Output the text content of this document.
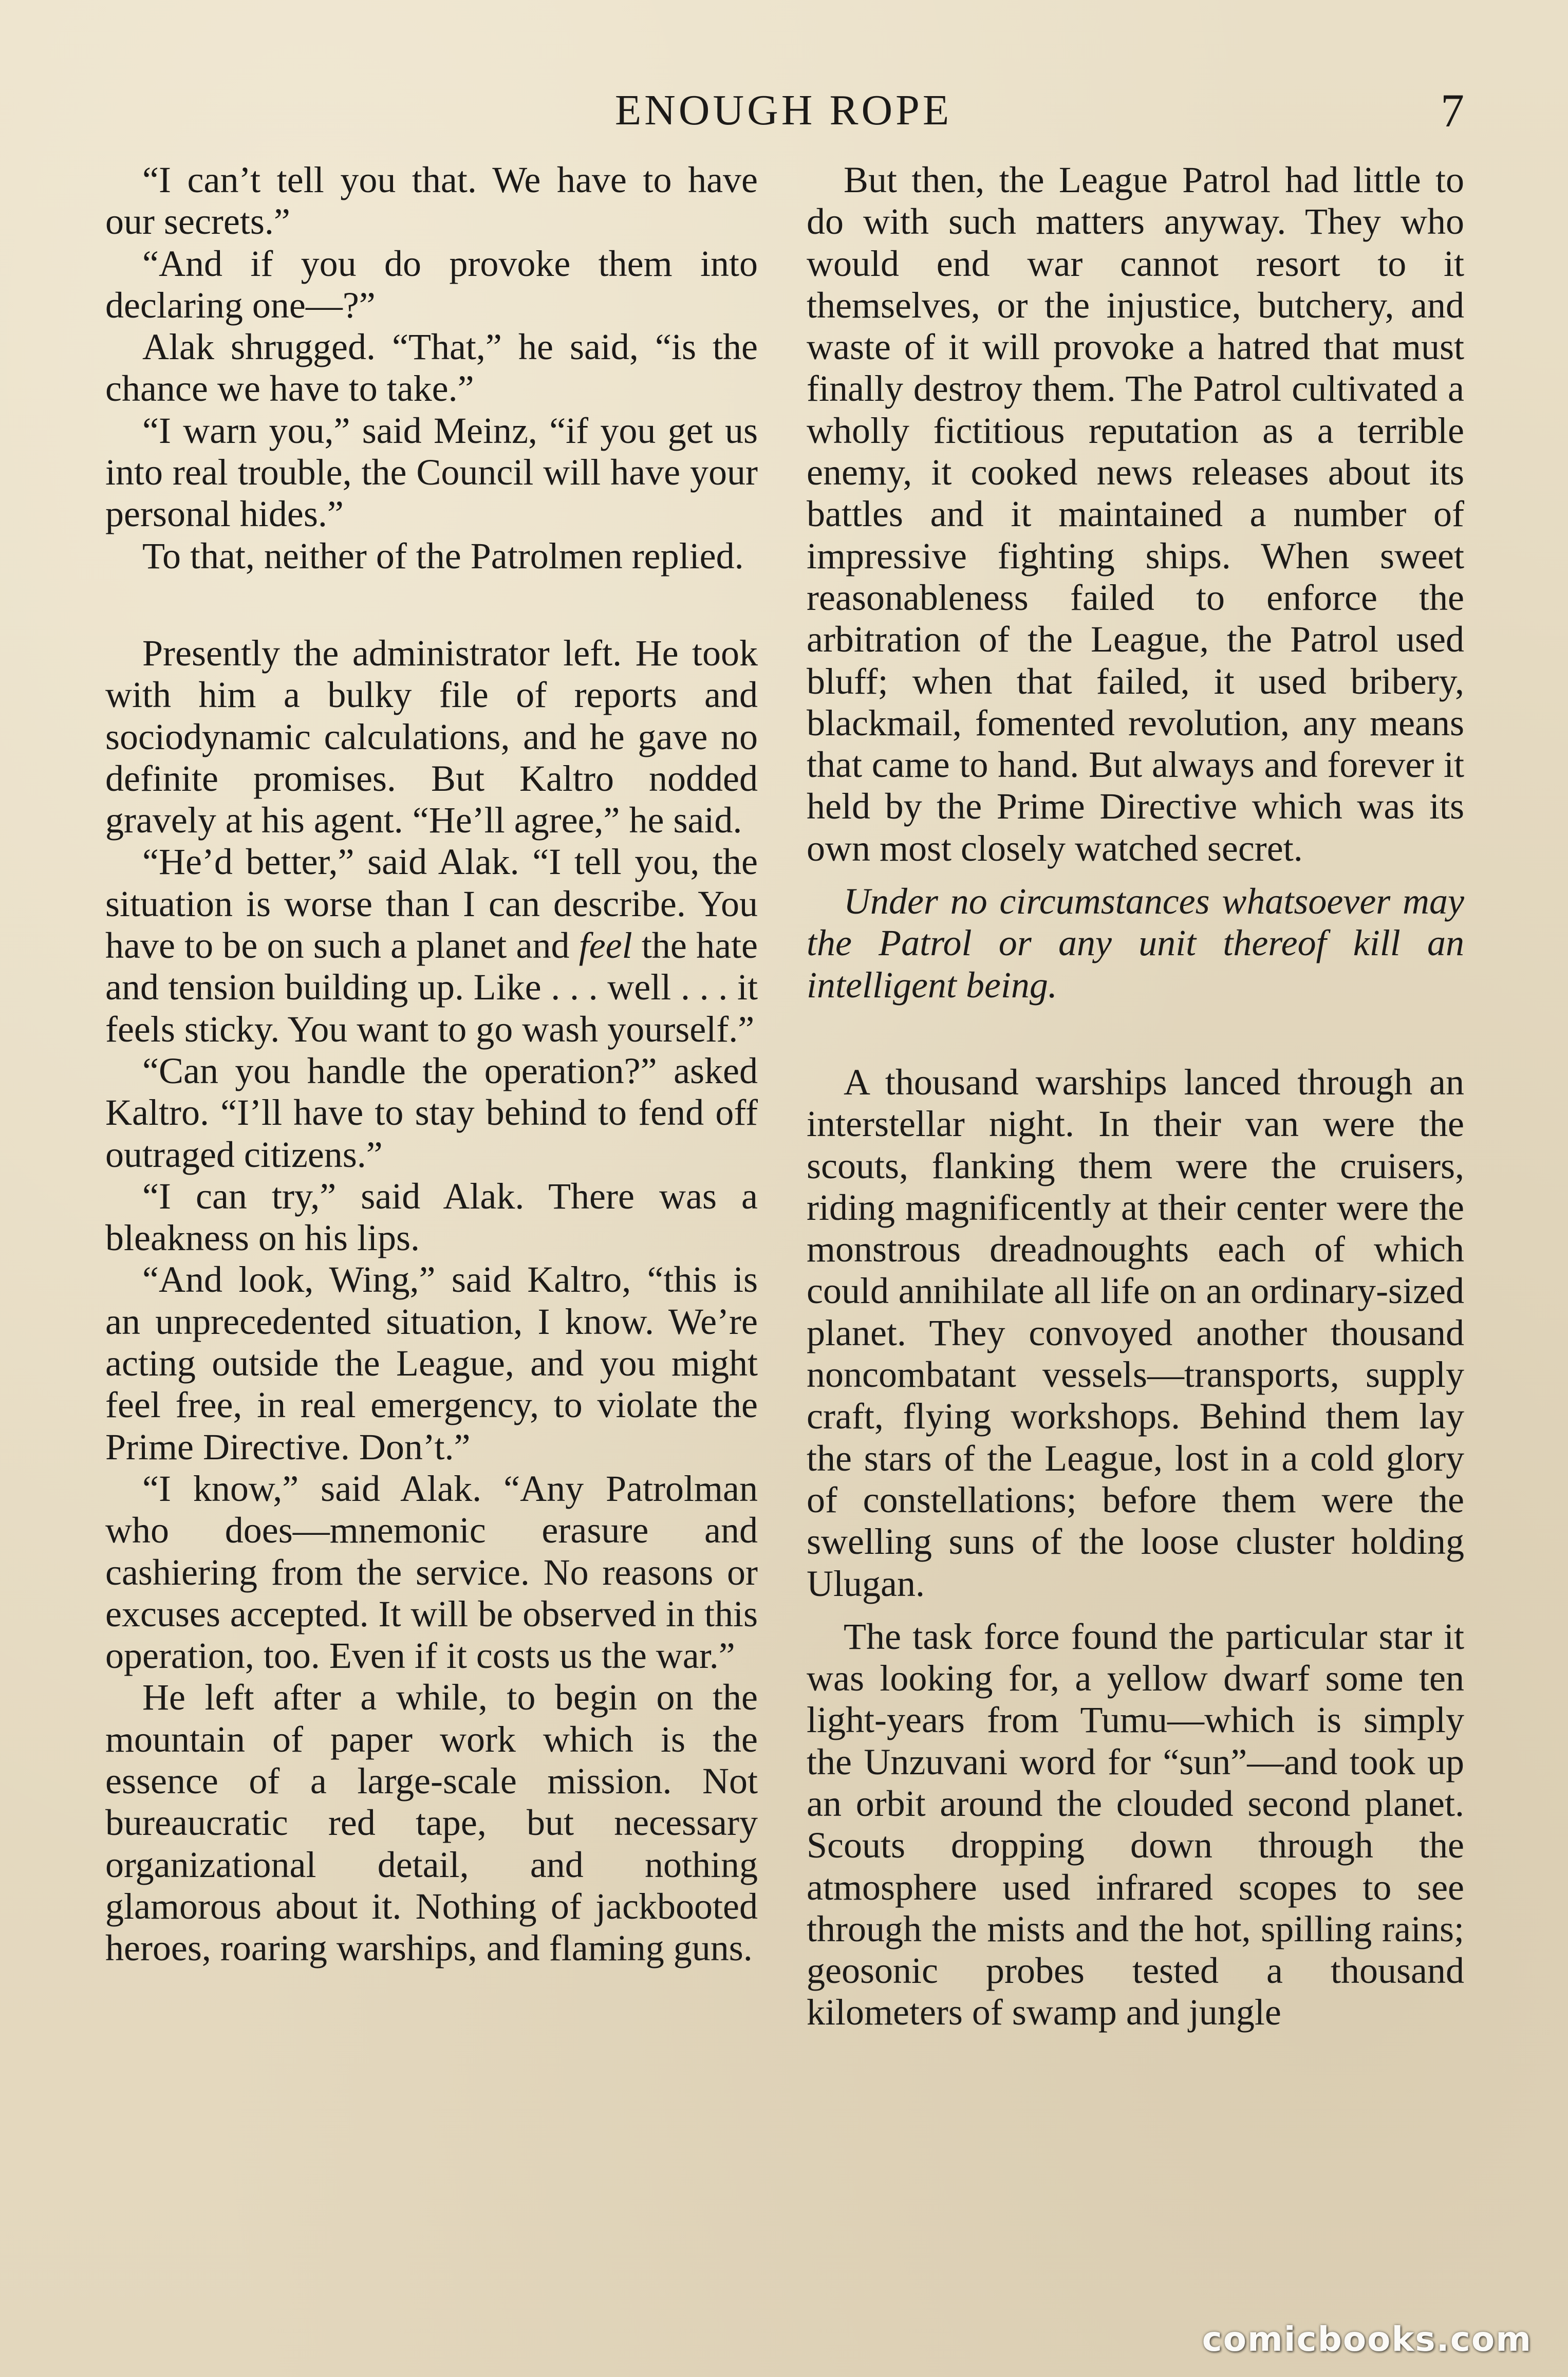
ENOUGH ROPE	7

“I can’t tell you that. We have to have our secrets.”

“And if you do provoke them into declaring one—?”

Alak shrugged. “That,” he said, “is the chance we have to take.”

“I warn you,” said Meinz, “if you get us into real trouble, the Council will have your personal hides.”

To that, neither of the Patrolmen replied.

Presently the administrator left. He took with him a bulky file of reports and sociodynamic calculations, and he gave no definite promises. But Kaltro nodded gravely at his agent. “He’ll agree,” he said.

“He’d better,” said Alak. “I tell you, the situation is worse than I can describe. You have to be on such a planet and feel the hate and tension building up. Like . . . well . . . it feels sticky. You want to go wash yourself.”

“Can you handle the operation?” asked Kaltro. “I’ll have to stay behind to fend off outraged citizens.”

“I can try,” said Alak. There was a bleakness on his lips.

“And look, Wing,” said Kaltro, “this is an unprecedented situation, I know. We’re acting outside the League, and you might feel free, in real emergency, to violate the Prime Directive. Don’t.”

“I know,” said Alak. “Any Patrolman who does—mnemonic erasure and cashiering from the service. No reasons or excuses accepted. It will be observed in this operation, too. Even if it costs us the war.”

He left after a while, to begin on the mountain of paper work which is the essence of a large-scale mission. Not bureaucratic red tape, but necessary organizational detail, and nothing glamorous about it. Nothing of jackbooted heroes, roaring warships, and flaming guns.

But then, the League Patrol had little to do with such matters anyway. They who would end war cannot resort to it themselves, or the injustice, butchery, and waste of it will provoke a hatred that must finally destroy them. The Patrol cultivated a wholly fictitious reputation as a terrible enemy, it cooked news releases about its battles and it maintained a number of impressive fighting ships. When sweet reasonableness failed to enforce the arbitration of the League, the Patrol used bluff; when that failed, it used bribery, blackmail, fomented revolution, any means that came to hand. But always and forever it held by the Prime Directive which was its own most closely watched secret.

Under no circumstances whatsoever may the Patrol or any unit thereof kill an intelligent being.

A thousand warships lanced through an interstellar night. In their van were the scouts, flanking them were the cruisers, riding magnificently at their center were the monstrous dreadnoughts each of which could annihilate all life on an ordinary-sized planet. They convoyed another thousand noncombatant vessels—transports, supply craft, flying workshops. Behind them lay the stars of the League, lost in a cold glory of constellations; before them were the swelling suns of the loose cluster holding Ulugan.

The task force found the particular star it was looking for, a yellow dwarf some ten light-years from Tumu—which is simply the Unzuvani word for “sun”—and took up an orbit around the clouded second planet. Scouts dropping down through the atmosphere used infrared scopes to see through the mists and the hot, spilling rains; geosonic probes tested a thousand kilometers of swamp and jungle

comicbooks.com
